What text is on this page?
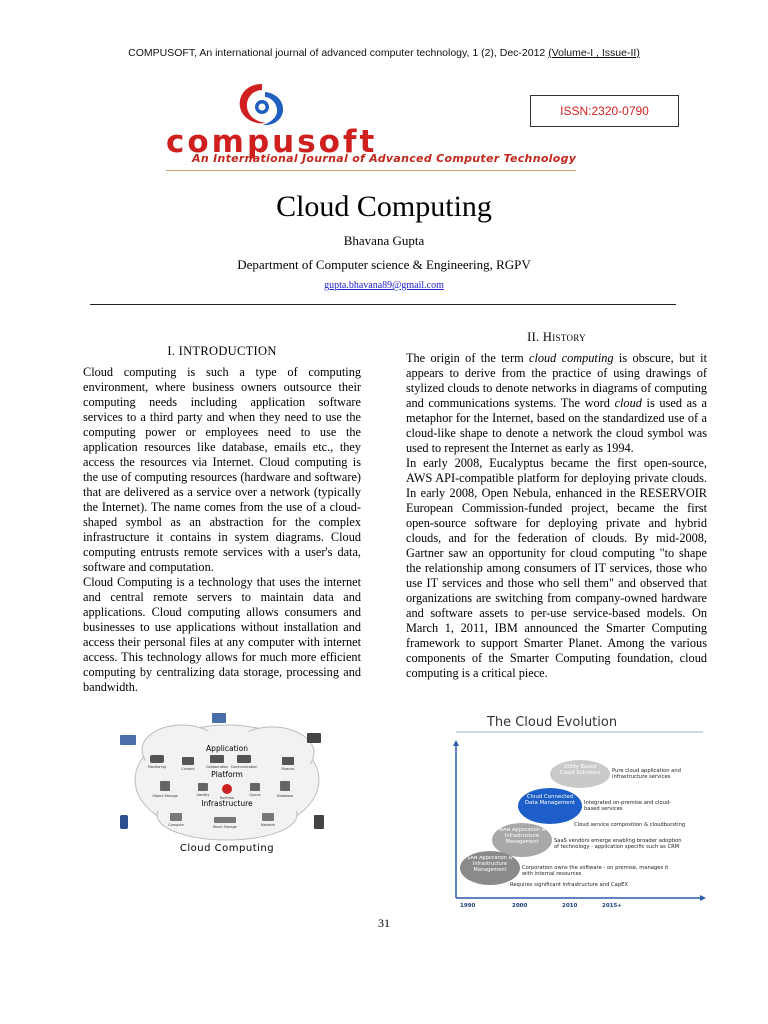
COMPUSOFT, An international journal of advanced computer technology, 1 (2), Dec-2012 (Volume-I , Issue-II)
compusoft
An International Journal of Advanced Computer Technology
ISSN:2320-0790
Cloud Computing
Bhavana Gupta
Department of Computer science & Engineering, RGPV
gupta.bhavana89@gmail.com
I. INTRODUCTION

Cloud computing is such a type of computing environment, where business owners outsource their computing needs including application software services to a third party and when they need to use the computing power or employees need to use the application resources like database, emails etc., they access the resources via Internet. Cloud computing is the use of computing resources (hardware and software) that are delivered as a service over a network (typically the Internet). The name comes from the use of a cloud-shaped symbol as an abstraction for the complex infrastructure it contains in system diagrams. Cloud computing entrusts remote services with a user's data, software and computation.

Cloud Computing is a technology that uses the internet and central remote servers to maintain data and applications. Cloud computing allows consumers and businesses to use applications without installation and access their personal files at any computer with internet access. This technology allows for much more efficient computing by centralizing data storage, processing and bandwidth.

II. History

The origin of the term cloud computing is obscure, but it appears to derive from the practice of using drawings of stylized clouds to denote networks in diagrams of computing and communications systems. The word cloud is used as a metaphor for the Internet, based on the standardized use of a cloud-like shape to denote a network the cloud symbol was used to represent the Internet as early as 1994.

In early 2008, Eucalyptus became the first open-source, AWS API-compatible platform for deploying private clouds. In early 2008, Open Nebula, enhanced in the RESERVOIR European Commission-funded project, became the first open-source software for deploying private and hybrid clouds, and for the federation of clouds. By mid-2008, Gartner saw an opportunity for cloud computing "to shape the relationship among consumers of IT services, those who use IT services and those who sell them" and observed that organizations are switching from company-owned hardware and software assets to per-use service-based models. On March 1, 2011, IBM announced the Smarter Computing framework to support Smarter Planet. Among the various components of the Smarter Computing foundation, cloud computing is a critical piece.

Application
Platform
Infrastructure
Monitoring	Content	Collaboration Communication	Finance
Object Storage	Identity
Runtime
Queue	Database
Compute	Block Storage	Network
Cloud Computing
The Cloud Evolution
Utility Based Cloud Solutions
Cloud Connected Data Management
WAN Application & Infrastructure Management
LAN Application & Infrastructure Management
Pure cloud application and infrastructure services
Integrated on-premise and cloud-based services
Cloud service composition & cloudbursting
SaaS vendors emerge enabling broader adoption of technology - application specific such as CRM
Corporation owns the software - on premise, manages it with internal resources
Requires significant infrastructure and CapEX
1990	2000	2010	2015+
31
